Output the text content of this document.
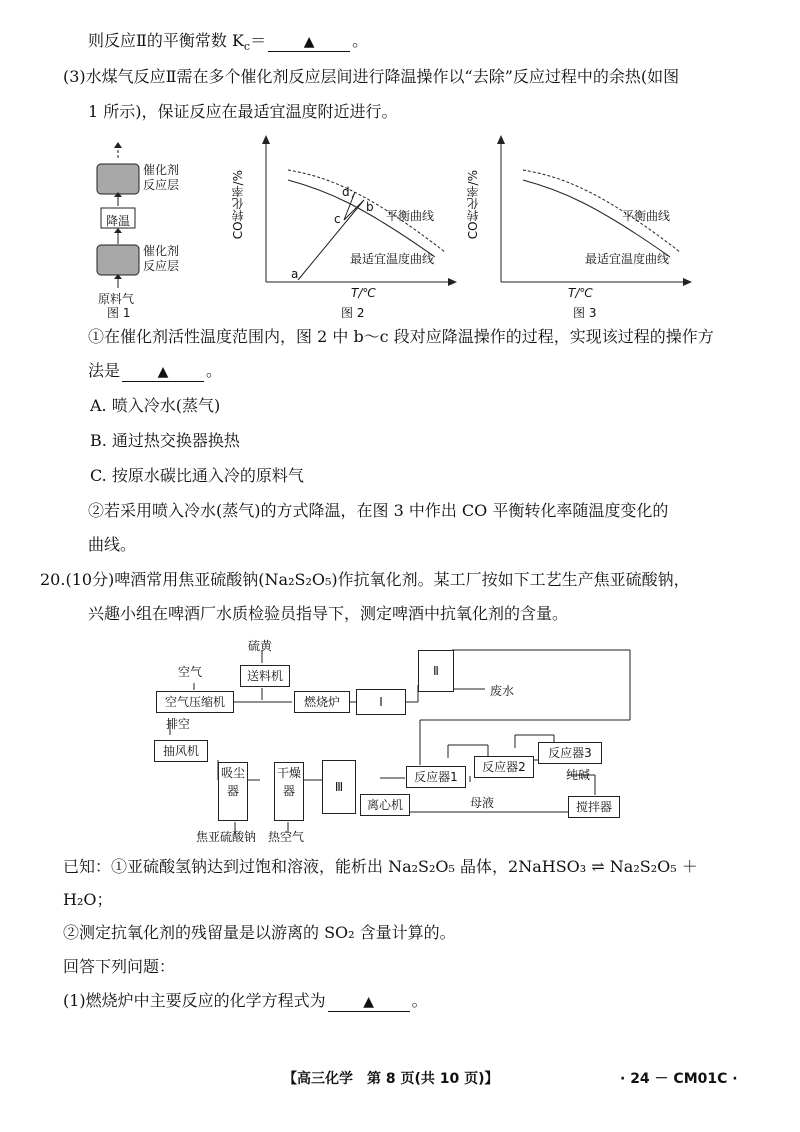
则反应Ⅱ的平衡常数 $K_c=$	▲ 。
(3)水煤气反应Ⅱ需在多个催化剂反应层间进行降温操作以“去除”反应过程中的余热(如图
1 所示)，保证反应在最适宜温度附近进行。
催化剂反应层
降温
催化剂反应层
原料气
图 1
CO转化率/%
T/℃
平衡曲线
最适宜温度曲线
a
b
c
d
图 2
CO转化率/%
T/℃
平衡曲线
最适宜温度曲线
图 3
①在催化剂活性温度范围内，图 2 中 b～c 段对应降温操作的过程，实现该过程的操作方
法是	▲ 。
A. 喷入冷水(蒸气)
B. 通过热交换器换热
C. 按原水碳比通入冷的原料气
②若采用喷入冷水(蒸气)的方式降温，在图 3 中作出 CO 平衡转化率随温度变化的
曲线。
20.(10分)啤酒常用焦亚硫酸钠(Na₂S₂O₅)作抗氧化剂。某工厂按如下工艺生产焦亚硫酸钠，
兴趣小组在啤酒厂水质检验员指导下，测定啤酒中抗氧化剂的含量。
硫黄
空气	送料机
空气压缩机	燃烧炉	Ⅰ
Ⅱ
废水
排空
抽风机	反应器3
反应器2
反应器1	纯碱
吸尘器
干燥器	Ⅲ
离心机	母液	搅拌器
焦亚硫酸钠 热空气
已知：①亚硫酸氢钠达到过饱和溶液，能析出 Na₂S₂O₅ 晶体，2NaHSO₃ ⇌ Na₂S₂O₅ ＋
H₂O；
②测定抗氧化剂的残留量是以游离的 SO₂ 含量计算的。
回答下列问题：
(1)燃烧炉中主要反应的化学方程式为	▲ 。
【高三化学　第 8 页(共 10 页)】	· 24 － CM01C ·
